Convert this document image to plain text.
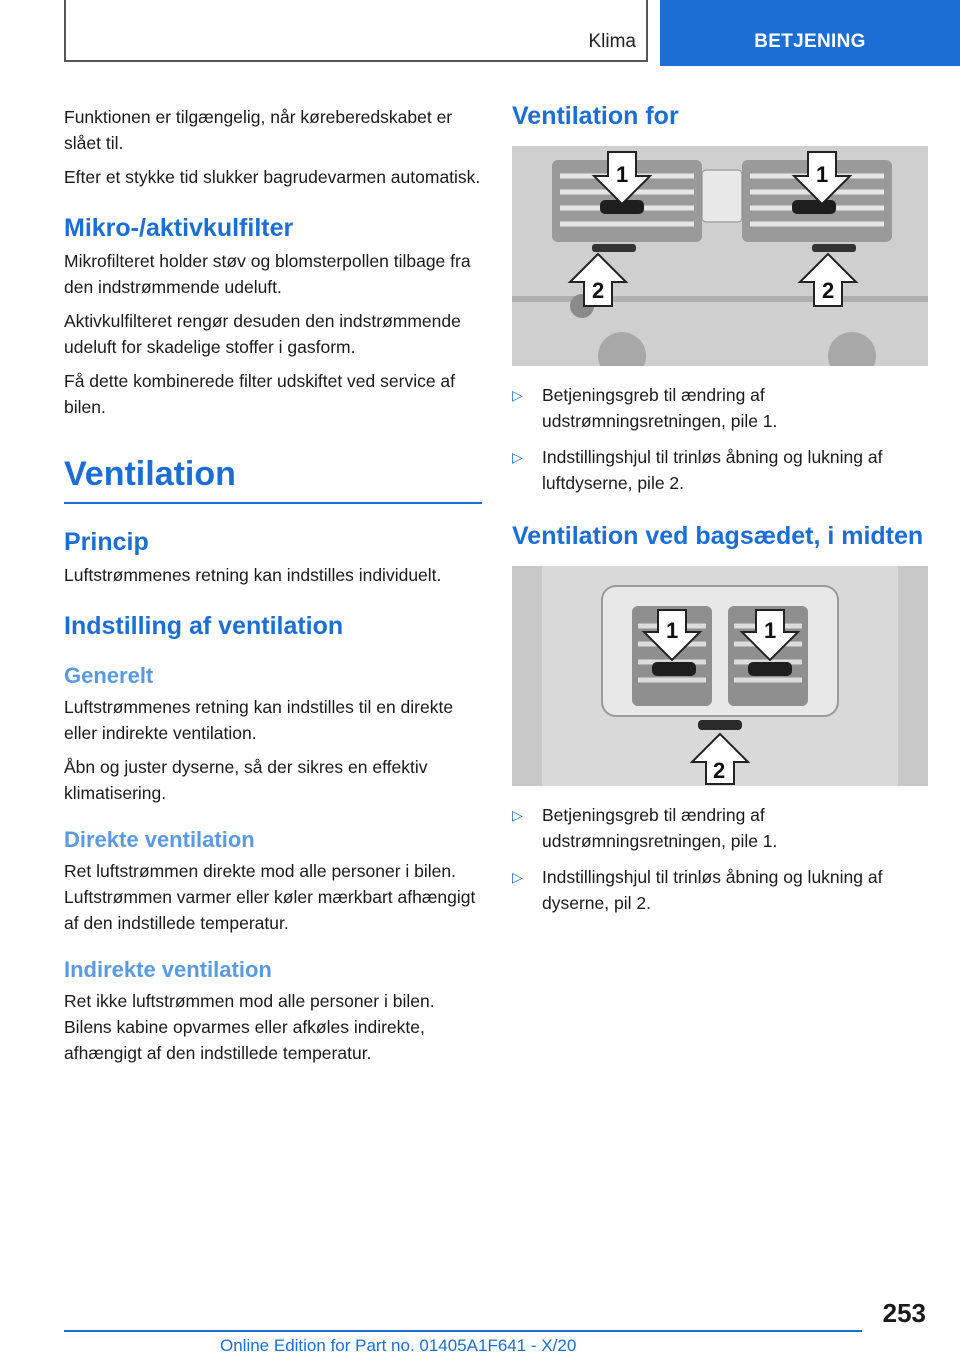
Klima	BETJENING

Funktionen er tilgængelig, når køreberedskabet er slået til.

Efter et stykke tid slukker bagrudevarmen automatisk.

Mikro-/aktivkulfilter

Mikrofilteret holder støv og blomsterpollen tilbage fra den indstrømmende udeluft.

Aktivkulfilteret rengør desuden den indstrømmende udeluft for skadelige stoffer i gasform.

Få dette kombinerede filter udskiftet ved service af bilen.

Ventilation
Princip

Luftstrømmenes retning kan indstilles individuelt.

Indstilling af ventilation
Generelt

Luftstrømmenes retning kan indstilles til en direkte eller indirekte ventilation.

Åbn og juster dyserne, så der sikres en effektiv klimatisering.

Direkte ventilation

Ret luftstrømmen direkte mod alle personer i bilen. Luftstrømmen varmer eller køler mærkbart afhængigt af den indstillede temperatur.

Indirekte ventilation

Ret ikke luftstrømmen mod alle personer i bilen. Bilens kabine opvarmes eller afkøles indirekte, afhængigt af den indstillede temperatur.

Ventilation for
1	1
2	2
▷ Betjeningsgreb til ændring af udstrømningsretningen, pile 1.
▷ Indstillingshjul til trinløs åbning og lukning af luftdyserne, pile 2.
Ventilation ved bagsædet, i midten
1	1
2
▷ Betjeningsgreb til ændring af udstrømningsretningen, pile 1.
▷ Indstillingshjul til trinløs åbning og lukning af dyserne, pil 2.
253
Online Edition for Part no. 01405A1F641 - X/20
